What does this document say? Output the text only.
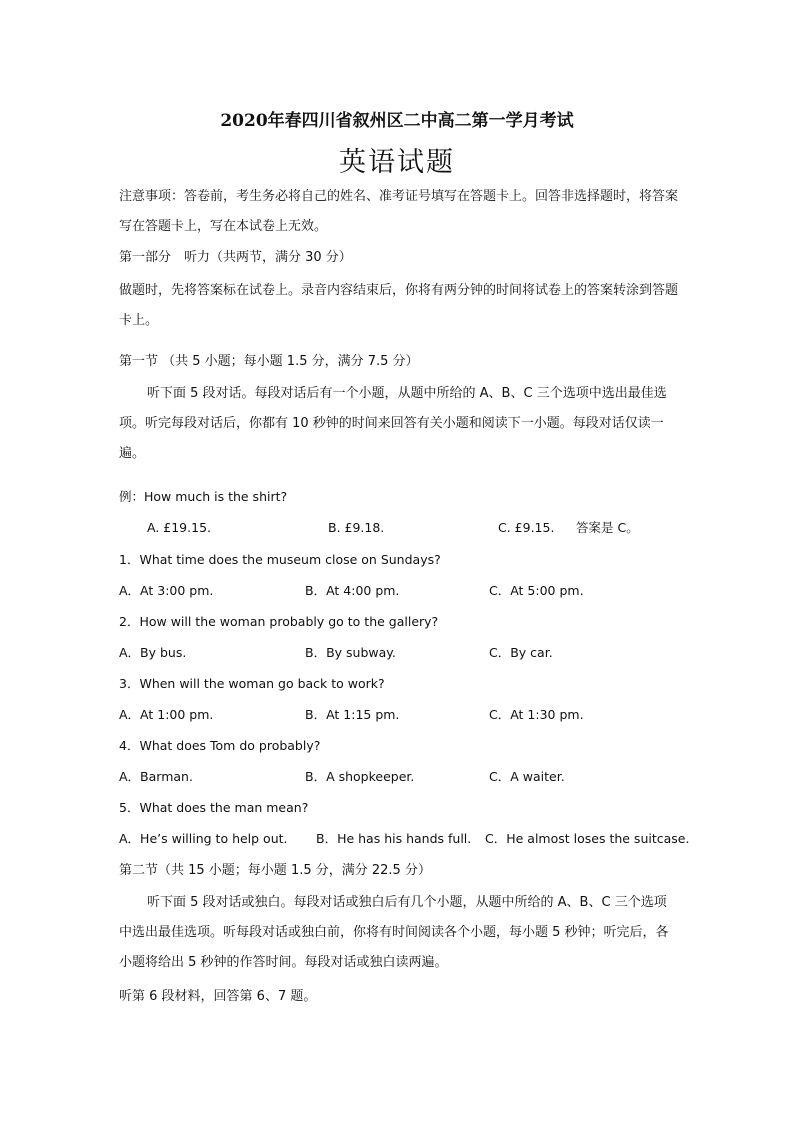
2020年春四川省叙州区二中高二第一学月考试
英语试题
注意事项：答卷前，考生务必将自己的姓名、准考证号填写在答题卡上。回答非选择题时，将答案写在答题卡上，写在本试卷上无效。
第一部分　听力（共两节，满分 30 分）
做题时，先将答案标在试卷上。录音内容结束后，你将有两分钟的时间将试卷上的答案转涂到答题卡上。
第一节 （共 5 小题；每小题 1.5 分，满分 7.5 分）
听下面 5 段对话。每段对话后有一个小题，从题中所给的 A、B、C 三个选项中选出最佳选项。听完每段对话后，你都有 10 秒钟的时间来回答有关小题和阅读下一小题。每段对话仅读一遍。
例：How much is the shirt?
A. £19.15.	B. £9.18.	C. £9.15. 答案是 C。
1．What time does the museum close on Sundays?
A．At 3:00 pm.	B．At 4:00 pm.	C．At 5:00 pm.
2．How will the woman probably go to the gallery?
A．By bus.	B．By subway.	C．By car.
3．When will the woman go back to work?
A．At 1:00 pm.	B．At 1:15 pm.	C．At 1:30 pm.
4．What does Tom do probably?
A．Barman.	B．A shopkeeper.	C．A waiter.
5．What does the man mean?
A．He’s willing to help out. B．He has his hands full. C．He almost loses the suitcase.
第二节（共 15 小题；每小题 1.5 分，满分 22.5 分）
听下面 5 段对话或独白。每段对话或独白后有几个小题，从题中所给的 A、B、C 三个选项中选出最佳选项。听每段对话或独白前，你将有时间阅读各个小题，每小题 5 秒钟；听完后，各小题将给出 5 秒钟的作答时间。每段对话或独白读两遍。
听第 6 段材料，回答第 6、7 题。
